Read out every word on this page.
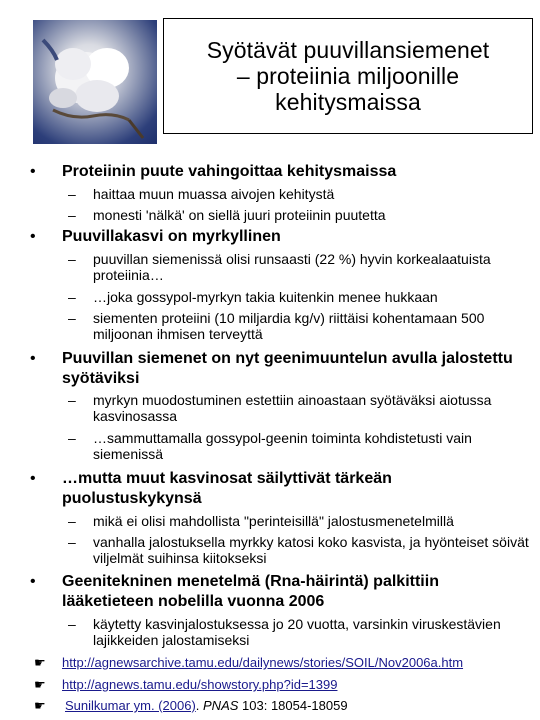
Syötävät puuvillansiemenet
– proteiinia miljoonille
kehitysmaissa
• Proteiinin puute vahingoittaa kehitysmaissa
– haittaa muun muassa aivojen kehitystä
– monesti 'nälkä' on siellä juuri proteiinin puutetta
• Puuvillakasvi on myrkyllinen
– puuvillan siemenissä olisi runsaasti (22 %) hyvin korkealaatuista proteiinia…
– …joka gossypol-myrkyn takia kuitenkin menee hukkaan
– siementen proteiini (10 miljardia kg/v) riittäisi kohentamaan 500 miljoonan ihmisen terveyttä
• Puuvillan siemenet on nyt geenimuuntelun avulla jalostettu syötäviksi
– myrkyn muodostuminen estettiin ainoastaan syötäväksi aiotussa kasvinosassa
– …sammuttamalla gossypol-geenin toiminta kohdistetusti vain siemenissä
• …mutta muut kasvinosat säilyttivät tärkeän puolustuskykynsä
– mikä ei olisi mahdollista "perinteisillä" jalostusmenetelmillä
– vanhalla jalostuksella myrkky katosi koko kasvista, ja hyönteiset söivät viljelmät suihinsa kiitokseksi
• Geenitekninen menetelmä (Rna-häirintä) palkittiin lääketieteen nobelilla vuonna 2006
– käytetty kasvinjalostuksessa jo 20 vuotta, varsinkin viruskestävien lajikkeiden jalostamiseksi
☛ http://agnewsarchive.tamu.edu/dailynews/stories/SOIL/Nov2006a.htm
☛ http://agnews.tamu.edu/showstory.php?id=1399
☛ Sunilkumar ym. (2006). PNAS 103: 18054-18059
